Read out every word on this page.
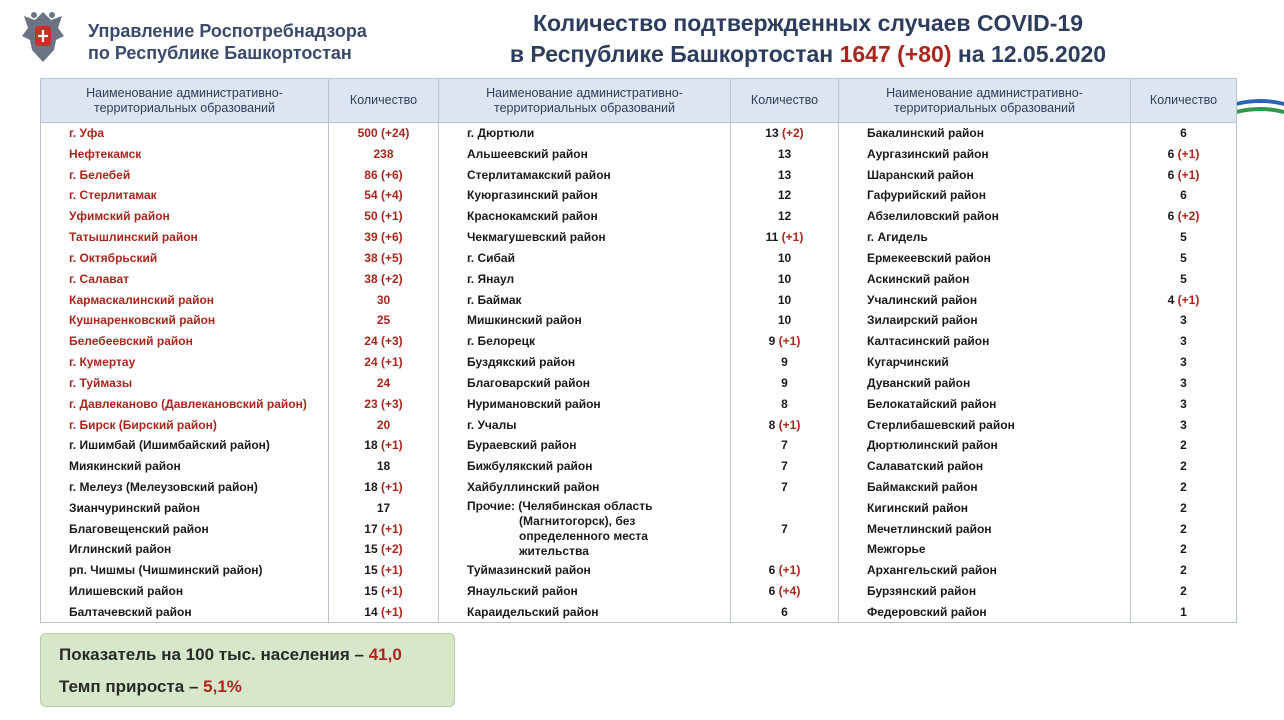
Управление Роспотребнадзора
по Республике Башкортостан
Количество подтвержденных случаев COVID-19
в Республике Башкортостан 1647 (+80) на 12.05.2020
Наименование административно-территориальных образований	Количество	Наименование административно-территориальных образований	Количество	Наименование административно-территориальных образований	Количество
г. Уфа	500 (+24)	г. Дюртюли	13 (+2)	Бакалинский район	6
Нефтекамск	238	Альшеевский район	13	Аургазинский район	6 (+1)
г. Белебей	86 (+6)	Стерлитамакский район	13	Шаранский район	6 (+1)
г. Стерлитамак	54 (+4)	Куюргазинский район	12	Гафурийский район	6
Уфимский район	50 (+1)	Краснокамский район	12	Абзелиловский район	6 (+2)
Татышлинский район	39 (+6)	Чекмагушевский район	11 (+1)	г. Агидель	5
г. Октябрьский	38 (+5)	г. Сибай	10	Ермекеевский район	5
г. Салават	38 (+2)	г. Янаул	10	Аскинский район	5
Кармаскалинский район	30	г. Баймак	10	Учалинский район	4 (+1)
Кушнаренковский район	25	Мишкинский район	10	Зилаирский район	3
Белебеевский район	24 (+3)	г. Белорецк	9 (+1)	Калтасинский район	3
г. Кумертау	24 (+1)	Буздякский район	9	Кугарчинский	3
г. Туймазы	24	Благоварский район	9	Дуванский район	3
г. Давлеканово (Давлекановский район)	23 (+3)	Нуримановский район	8	Белокатайский район	3
г. Бирск (Бирский район)	20	г. Учалы	8 (+1)	Стерлибашевский район	3
г. Ишимбай (Ишимбайский район)	18 (+1)	Бураевский район	7	Дюртюлинский район	2
Миякинский район	18	Бижбулякский район	7	Салаватский район	2
г. Мелеуз (Мелеузовский район)	18 (+1)	Хайбуллинский район	7	Баймакский район	2
Зианчуринский район	17	Прочие: (Челябинская область
(Магнитогорск), без
определенного места жительства	7	Кигинский район	2
Благовещенский район	17 (+1)			Мечетлинский район	2
Иглинский район	15 (+2)			Межгорье	2
рп. Чишмы (Чишминский район)	15 (+1)	Туймазинский район	6 (+1)	Архангельский район	2
Илишевский район	15 (+1)	Янаульский район	6 (+4)	Бурзянский район	2
Балтачевский район	14 (+1)	Караидельский район	6	Федеровский район	1
Показатель на 100 тыс. населения – 41,0
Темп прироста – 5,1%
